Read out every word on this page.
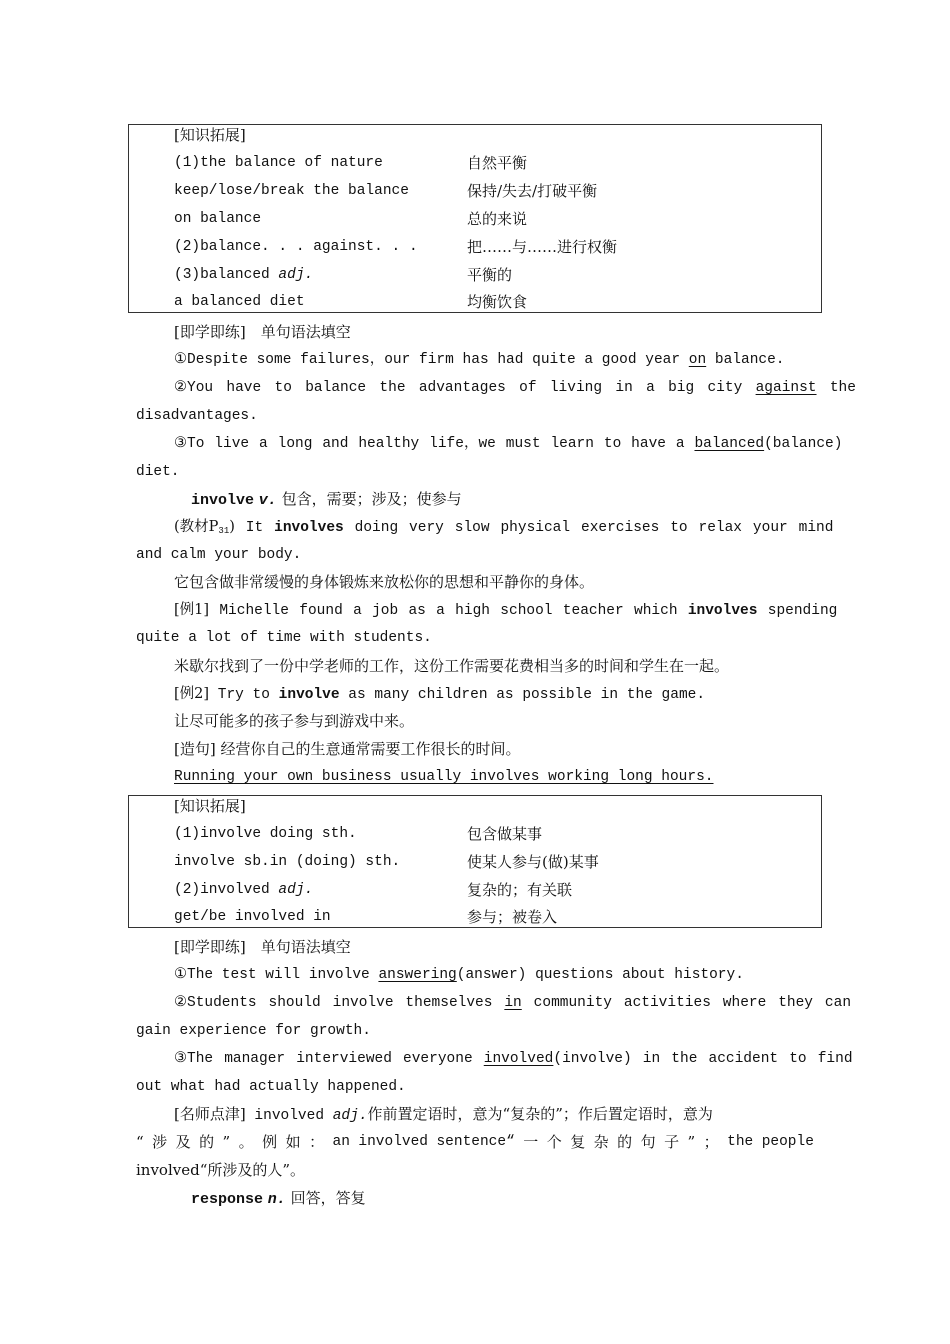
[知识拓展]
(1)the balance of nature	自然平衡
keep/lose/break the balance	保持/失去/打破平衡
on balance	总的来说
(2)balance. . . against. . .	把……与……进行权衡
(3)balanced adj.	平衡的
a balanced diet	均衡饮食
[即学即练]　单句语法填空
①Despite some failures，our firm has had quite a good year on balance.
②You have to balance the advantages of living in a big city against the
disadvantages.
③To live a long and healthy life，we must learn to have a balanced(balance)
diet.
involve v. 包含，需要；涉及；使参与
(教材$P_{31}$) It involves doing very slow physical exercises to relax your mind
and calm your body.
它包含做非常缓慢的身体锻炼来放松你的思想和平静你的身体。
[例1] Michelle found a job as a high school teacher which involves spending
quite a lot of time with students.
米歇尔找到了一份中学老师的工作，这份工作需要花费相当多的时间和学生在一起。
[例2] Try to involve as many children as possible in the game.
让尽可能多的孩子参与到游戏中来。
[造句] 经营你自己的生意通常需要工作很长的时间。
Running your own business usually involves working long hours.
[知识拓展]
(1)involve doing sth.	包含做某事
involve sb.in (doing) sth.	使某人参与(做)某事
(2)involved adj.	复杂的；有关联
get/be involved in	参与；被卷入
[即学即练]　单句语法填空
①The test will involve answering(answer) questions about history.
②Students should involve themselves in community activities where they can
gain experience for growth.
③The manager interviewed everyone involved(involve) in the accident to find
out what had actually happened.
[名师点津] involved adj.作前置定语时，意为“复杂的”；作后置定语时，意为
“ 涉 及 的 ” 。 例 如 ： an involved sentence“ 一 个 复 杂 的 句 子 ” ； the people
involved“所涉及的人”。
response n. 回答，答复
